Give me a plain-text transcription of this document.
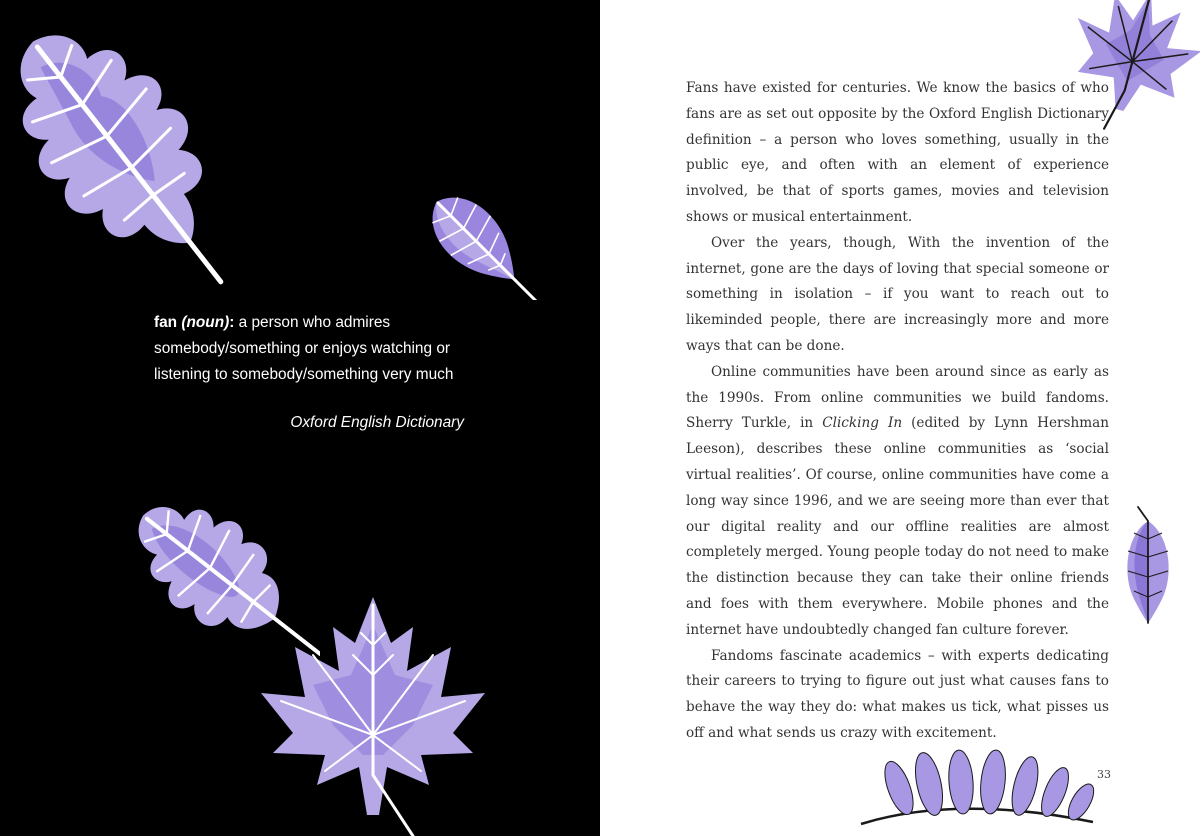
fan (noun): a person who admires somebody/something or enjoys watching or listening to somebody/something very much
Oxford English Dictionary

Fans have existed for centuries. We know the basics of who fans are as set out opposite by the Oxford English Dictionary definition – a person who loves something, usually in the public eye, and often with an element of experience involved, be that of sports games, movies and television shows or musical entertainment.

Over the years, though, With the invention of the internet, gone are the days of loving that special someone or something in isolation – if you want to reach out to likeminded people, there are increasingly more and more ways that can be done.

Online communities have been around since as early as the 1990s. From online communities we build fandoms. Sherry Turkle, in Clicking In (edited by Lynn Hershman Leeson), describes these online communities as ‘social virtual realities’. Of course, online communities have come a long way since 1996, and we are seeing more than ever that our digital reality and our offline realities are almost completely merged. Young people today do not need to make the distinction because they can take their online friends and foes with them everywhere. Mobile phones and the internet have undoubtedly changed fan culture forever.

Fandoms fascinate academics – with experts dedicating their careers to trying to figure out just what causes fans to behave the way they do: what makes us tick, what pisses us off and what sends us crazy with excitement.

33
